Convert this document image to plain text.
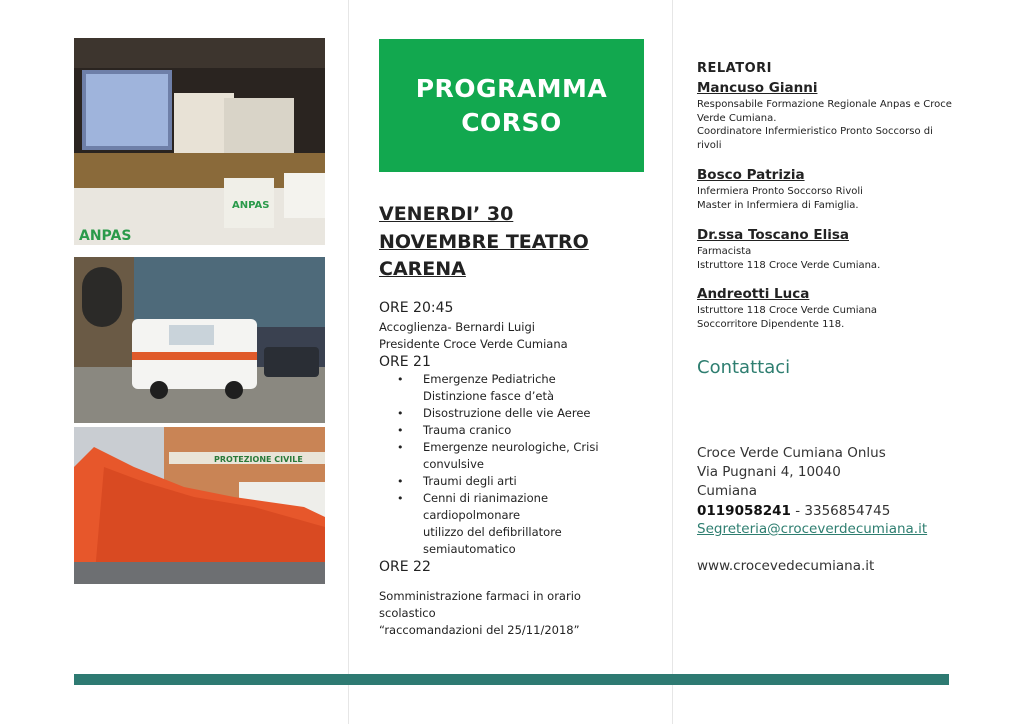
ANPAS
ANPAS
PROTEZIONE CIVILE
PROGRAMMA
CORSO
VENERDI’ 30
NOVEMBRE TEATRO
CARENA
ORE 20:45
Accoglienza- Bernardi Luigi
Presidente Croce Verde Cumiana
ORE 21
• Emergenze Pediatriche
Distinzione fasce d’età
• Disostruzione delle vie Aeree
• Trauma cranico
• Emergenze neurologiche, Crisi
convulsive
• Traumi degli arti
• Cenni di rianimazione
cardiopolmonare
utilizzo del defibrillatore
semiautomatico
ORE 22
Somministrazione farmaci in orario
scolastico
“raccomandazioni del 25/11/2018”
RELATORI
Mancuso Gianni
Responsabile Formazione Regionale Anpas e Croce
Verde Cumiana.
Coordinatore Infermieristico Pronto Soccorso di
rivoli
Bosco Patrizia
Infermiera Pronto Soccorso Rivoli
Master in Infermiera di Famiglia.
Dr.ssa Toscano Elisa
Farmacista
Istruttore 118 Croce Verde Cumiana.
Andreotti Luca
Istruttore 118 Croce Verde Cumiana
Soccorritore Dipendente 118.
Contattaci
Croce Verde Cumiana Onlus
Via Pugnani 4, 10040
Cumiana
0119058241 - 3356854745
Segreteria@croceverdecumiana.it
www.crocevedecumiana.it
